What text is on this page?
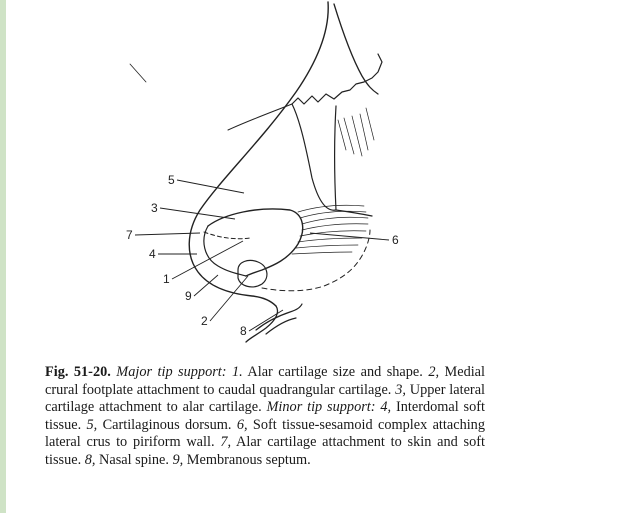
5
3
7	6
4
1
9
2
8
Fig. 51-20. Major tip support: 1. Alar cartilage size and shape. 2, Medial crural footplate attachment to caudal quadrangular cartilage. 3, Upper lateral cartilage attachment to alar cartilage. Minor tip support: 4, Interdomal soft tissue. 5, Cartilaginous dorsum. 6, Soft tissue-sesamoid complex attaching lateral crus to piriform wall. 7, Alar cartilage attachment to skin and soft tissue. 8, Nasal spine. 9, Membranous septum.
